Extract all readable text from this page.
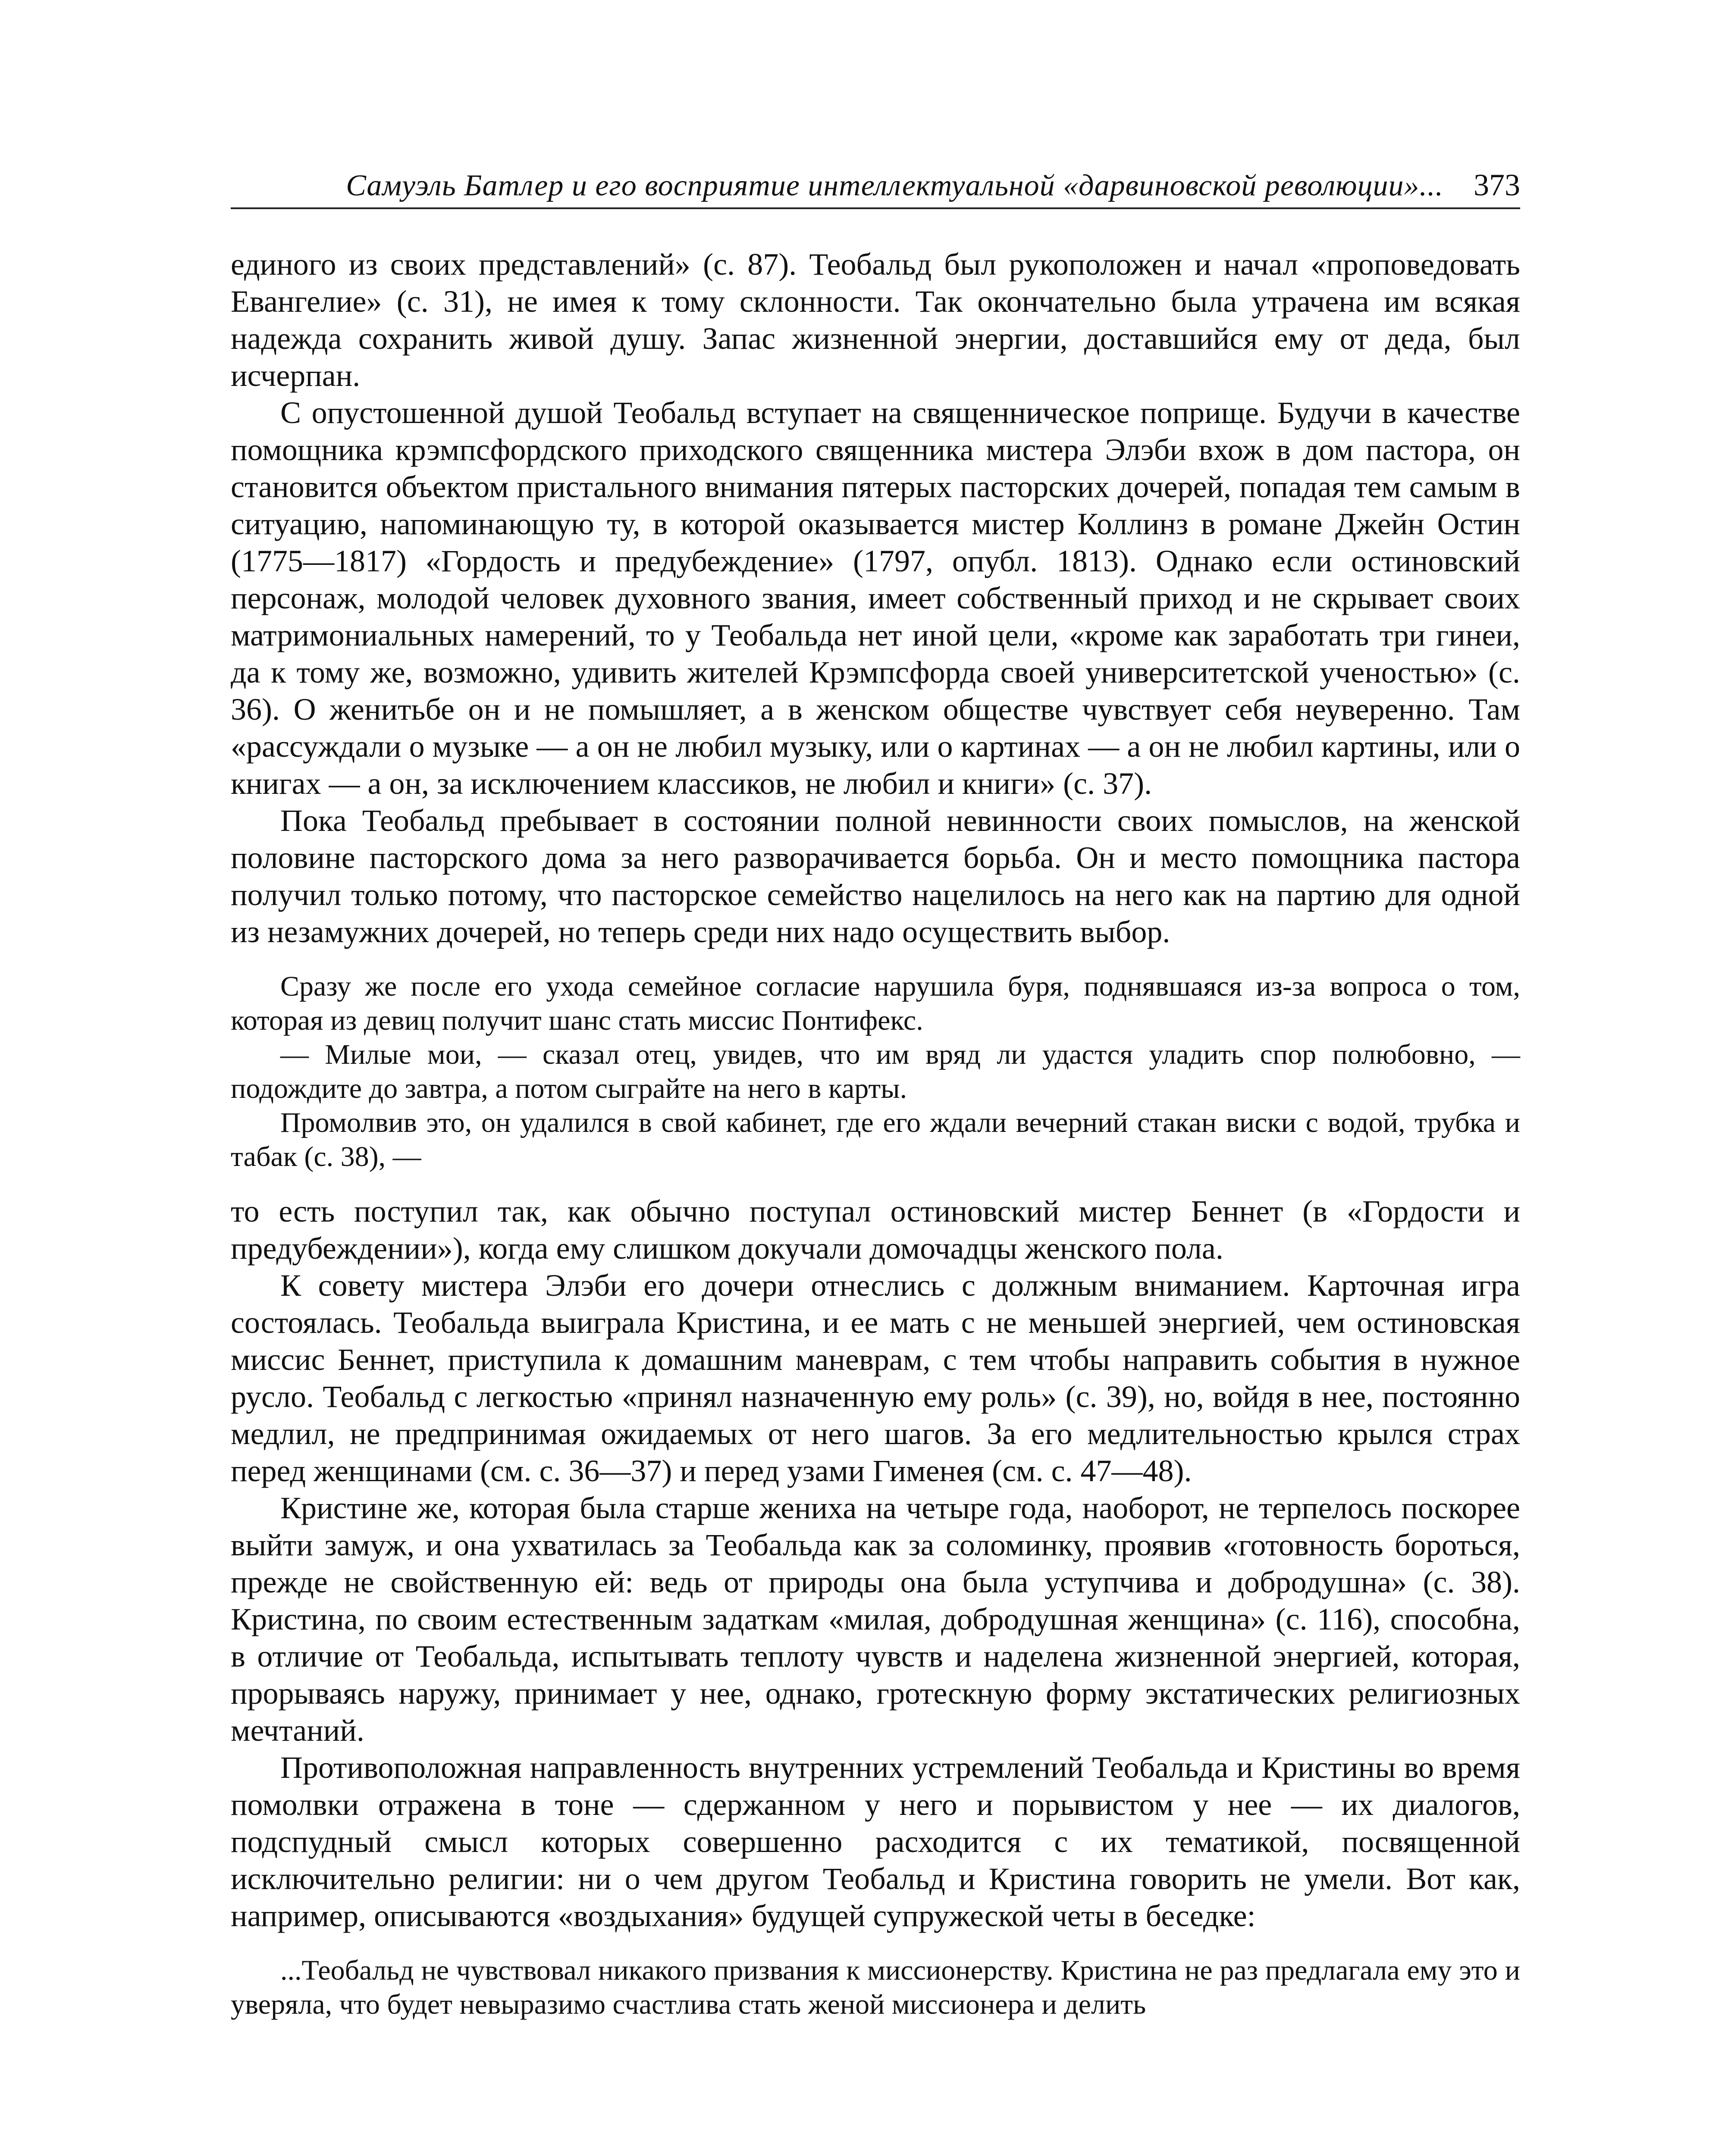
Самуэль Батлер и его восприятие интеллектуальной «дарвиновской революции»... 373

единого из своих представлений» (с. 87). Теобальд был рукоположен и начал «проповедовать Евангелие» (с. 31), не имея к тому склонности. Так окончательно была утрачена им всякая надежда сохранить живой душу. Запас жизненной энергии, доставшийся ему от деда, был исчерпан.

С опустошенной душой Теобальд вступает на священническое поприще. Будучи в качестве помощника крэмпсфордского приходского священника мистера Элэби вхож в дом пастора, он становится объектом пристального внимания пятерых пасторских дочерей, попадая тем самым в ситуацию, напоминающую ту, в которой оказывается мистер Коллинз в романе Джейн Остин (1775—1817) «Гордость и предубеждение» (1797, опубл. 1813). Однако если остиновский персонаж, молодой человек духовного звания, имеет собственный приход и не скрывает своих матримониальных намерений, то у Теобальда нет иной цели, «кроме как заработать три гинеи, да к тому же, возможно, удивить жителей Крэмпсфорда своей университетской ученостью» (с. 36). О женитьбе он и не помышляет, а в женском обществе чувствует себя неуверенно. Там «рассуждали о музыке — а он не любил музыку, или о картинах — а он не любил картины, или о книгах — а он, за исключением классиков, не любил и книги» (с. 37).

Пока Теобальд пребывает в состоянии полной невинности своих помыслов, на женской половине пасторского дома за него разворачивается борьба. Он и место помощника пастора получил только потому, что пасторское семейство нацелилось на него как на партию для одной из незамужних дочерей, но теперь среди них надо осуществить выбор.

Сразу же после его ухода семейное согласие нарушила буря, поднявшаяся из-за вопроса о том, которая из девиц получит шанс стать миссис Понтифекс.

— Милые мои, — сказал отец, увидев, что им вряд ли удастся уладить спор полюбовно, — подождите до завтра, а потом сыграйте на него в карты.

Промолвив это, он удалился в свой кабинет, где его ждали вечерний стакан виски с водой, трубка и табак (с. 38), —

то есть поступил так, как обычно поступал остиновский мистер Беннет (в «Гордости и предубеждении»), когда ему слишком докучали домочадцы женского пола.

К совету мистера Элэби его дочери отнеслись с должным вниманием. Карточная игра состоялась. Теобальда выиграла Кристина, и ее мать с не меньшей энергией, чем остиновская миссис Беннет, приступила к домашним маневрам, с тем чтобы направить события в нужное русло. Теобальд с легкостью «принял назначенную ему роль» (с. 39), но, войдя в нее, постоянно медлил, не предпринимая ожидаемых от него шагов. За его медлительностью крылся страх перед женщинами (см. с. 36—37) и перед узами Гименея (см. с. 47—48).

Кристине же, которая была старше жениха на четыре года, наоборот, не терпелось поскорее выйти замуж, и она ухватилась за Теобальда как за соломинку, проявив «готовность бороться, прежде не свойственную ей: ведь от природы она была уступчива и добродушна» (с. 38). Кристина, по своим естественным задаткам «милая, добродушная женщина» (с. 116), способна, в отличие от Теобальда, испытывать теплоту чувств и наделена жизненной энергией, которая, прорываясь наружу, принимает у нее, однако, гротескную форму экстатических религиозных мечтаний.

Противоположная направленность внутренних устремлений Теобальда и Кристины во время помолвки отражена в тоне — сдержанном у него и порывистом у нее — их диалогов, подспудный смысл которых совершенно расходится с их тематикой, посвященной исключительно религии: ни о чем другом Теобальд и Кристина говорить не умели. Вот как, например, описываются «воздыхания» будущей супружеской четы в беседке:

...Теобальд не чувствовал никакого призвания к миссионерству. Кристина не раз предлагала ему это и уверяла, что будет невыразимо счастлива стать женой миссионера и делить
